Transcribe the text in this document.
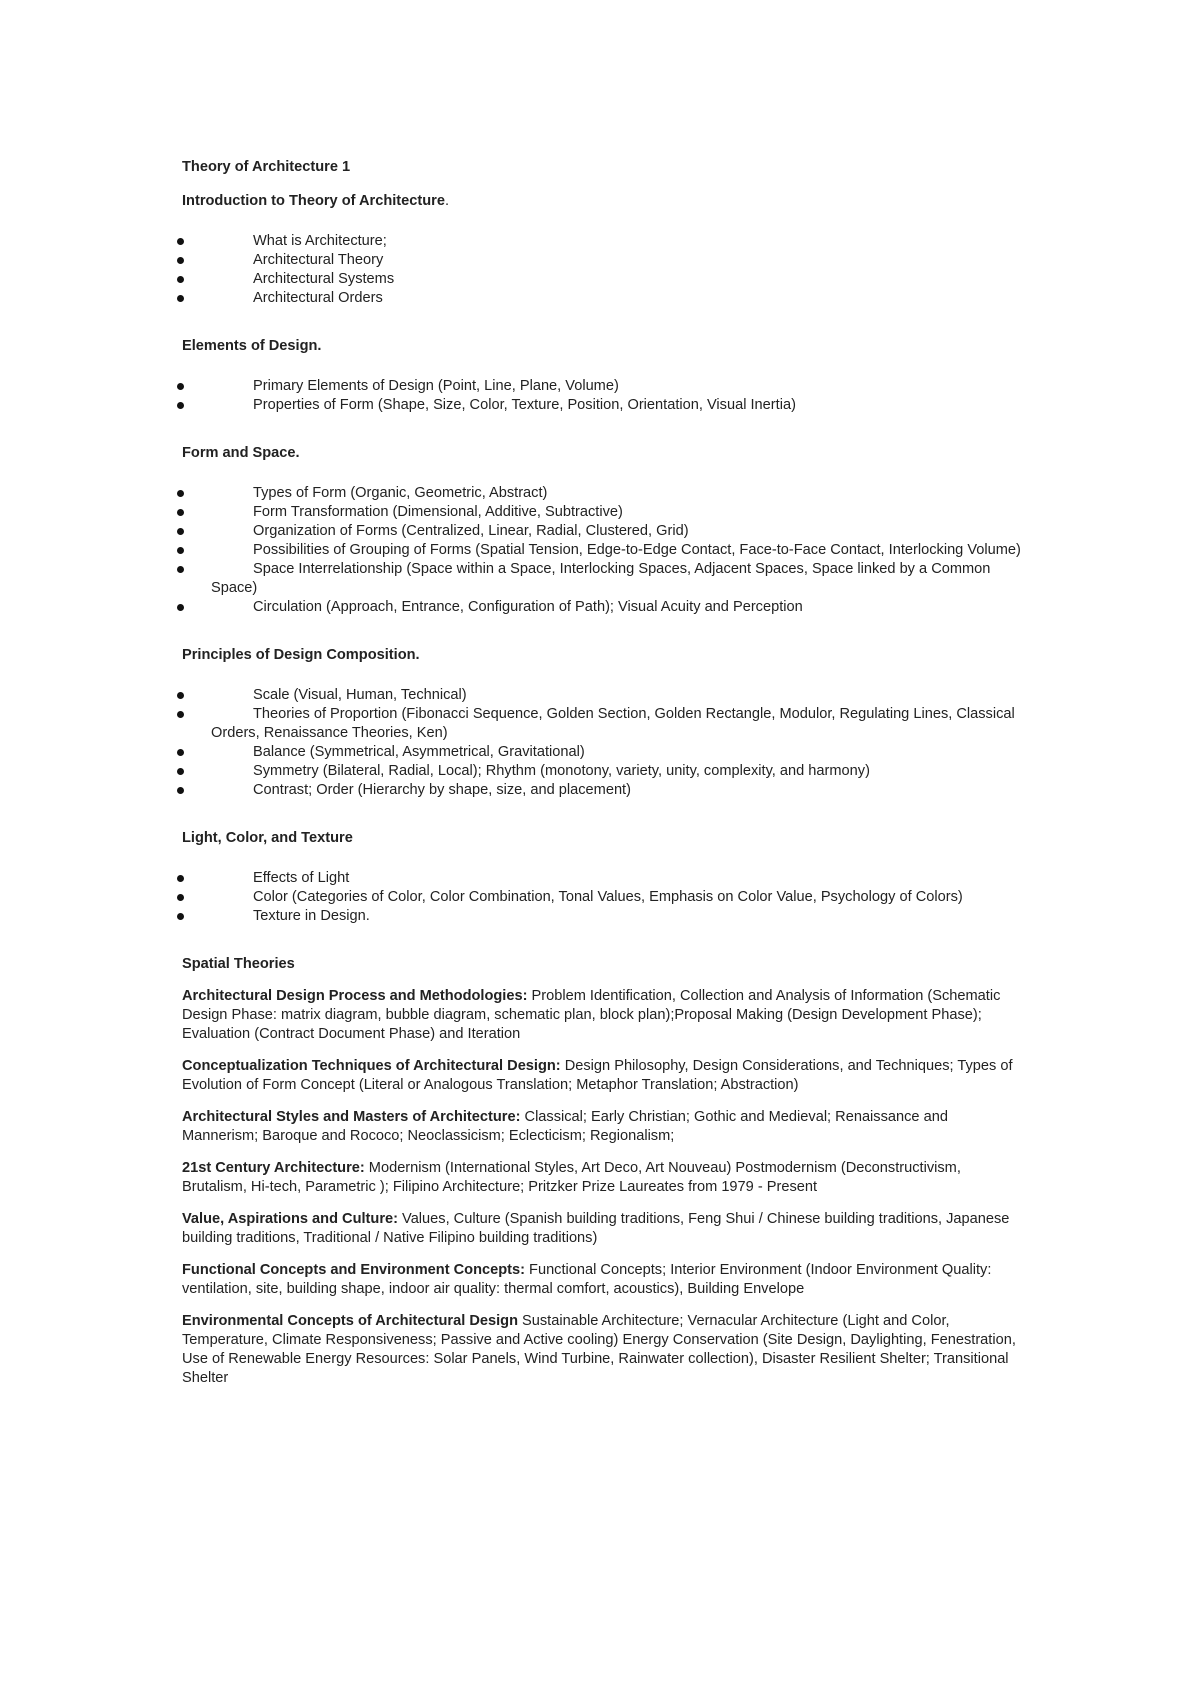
Theory of Architecture 1
Introduction to Theory of Architecture.
What is Architecture;
Architectural Theory
Architectural Systems
Architectural Orders
Elements of Design.
Primary Elements of Design (Point, Line, Plane, Volume)
Properties of Form (Shape, Size, Color, Texture, Position, Orientation, Visual Inertia)
Form and Space.
Types of Form (Organic, Geometric, Abstract)
Form Transformation (Dimensional, Additive, Subtractive)
Organization of Forms (Centralized, Linear, Radial, Clustered, Grid)
Possibilities of Grouping of Forms (Spatial Tension, Edge-to-Edge Contact, Face-to-Face Contact, Interlocking Volume)
Space Interrelationship (Space within a Space, Interlocking Spaces, Adjacent Spaces, Space linked by a Common Space)
Circulation (Approach, Entrance, Configuration of Path); Visual Acuity and Perception
Principles of Design Composition.
Scale (Visual, Human, Technical)
Theories of Proportion (Fibonacci Sequence, Golden Section, Golden Rectangle, Modulor, Regulating Lines, Classical Orders, Renaissance Theories, Ken)
Balance (Symmetrical, Asymmetrical, Gravitational)
Symmetry (Bilateral, Radial, Local); Rhythm (monotony, variety, unity, complexity, and harmony)
Contrast; Order (Hierarchy by shape, size, and placement)
Light, Color, and Texture
Effects of Light
Color (Categories of Color, Color Combination, Tonal Values, Emphasis on Color Value, Psychology of Colors)
Texture in Design.
Spatial Theories
Architectural Design Process and Methodologies: Problem Identification, Collection and Analysis of Information (Schematic Design Phase: matrix diagram, bubble diagram, schematic plan, block plan);Proposal Making (Design Development Phase); Evaluation (Contract Document Phase) and Iteration
Conceptualization Techniques of Architectural Design: Design Philosophy, Design Considerations, and Techniques; Types of Evolution of Form Concept (Literal or Analogous Translation; Metaphor Translation; Abstraction)
Architectural Styles and Masters of Architecture: Classical; Early Christian; Gothic and Medieval; Renaissance and Mannerism; Baroque and Rococo; Neoclassicism; Eclecticism; Regionalism;
21st Century Architecture: Modernism (International Styles, Art Deco, Art Nouveau) Postmodernism (Deconstructivism, Brutalism, Hi-tech, Parametric ); Filipino Architecture; Pritzker Prize Laureates from 1979 - Present
Value, Aspirations and Culture: Values, Culture (Spanish building traditions, Feng Shui / Chinese building traditions, Japanese building traditions, Traditional / Native Filipino building traditions)
Functional Concepts and Environment Concepts: Functional Concepts; Interior Environment (Indoor Environment Quality: ventilation, site, building shape, indoor air quality: thermal comfort, acoustics), Building Envelope
Environmental Concepts of Architectural Design Sustainable Architecture; Vernacular Architecture (Light and Color, Temperature, Climate Responsiveness; Passive and Active cooling) Energy Conservation (Site Design, Daylighting, Fenestration, Use of Renewable Energy Resources: Solar Panels, Wind Turbine, Rainwater collection), Disaster Resilient Shelter; Transitional Shelter
